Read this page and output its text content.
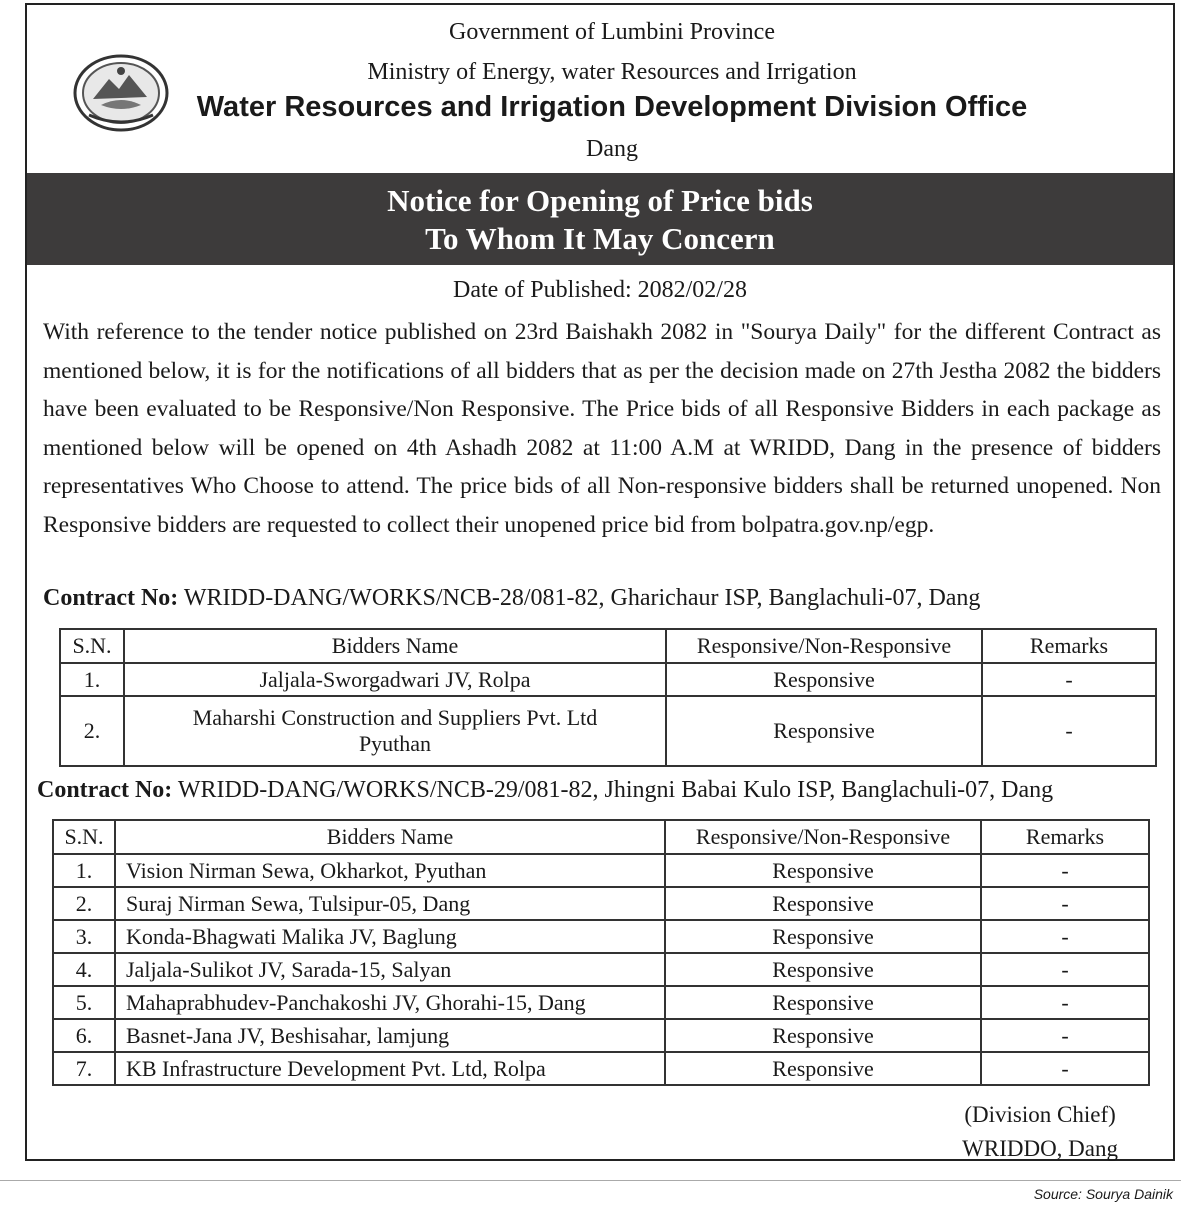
Government of Lumbini Province
Ministry of Energy, water Resources and Irrigation
Water Resources and Irrigation Development Division Office
Dang
Notice for Opening of Price bids
To Whom It May Concern
Date of Published: 2082/02/28

With reference to the tender notice published on 23rd Baishakh 2082 in "Sourya Daily" for the different Contract as mentioned below, it is for the notifications of all bidders that as per the decision made on 27th Jestha 2082 the bidders have been evaluated to be Responsive/Non Responsive. The Price bids of all Responsive Bidders in each package as mentioned below will be opened on 4th Ashadh 2082 at 11:00 A.M at WRIDD, Dang in the presence of bidders representatives Who Choose to attend. The price bids of all Non-responsive bidders shall be returned unopened. Non Responsive bidders are requested to collect their unopened price bid from bolpatra.gov.np/egp.

Contract No: WRIDD-DANG/WORKS/NCB-28/081-82, Gharichaur ISP, Banglachuli-07, Dang
S.N.	Bidders Name	Responsive/Non-Responsive	Remarks
1.	Jaljala-Sworgadwari JV, Rolpa	Responsive	-
2.	Maharshi Construction and Suppliers Pvt. Ltd
Pyuthan	Responsive	-
Contract No: WRIDD-DANG/WORKS/NCB-29/081-82, Jhingni Babai Kulo ISP, Banglachuli-07, Dang
S.N.	Bidders Name	Responsive/Non-Responsive	Remarks
1.	Vision Nirman Sewa, Okharkot, Pyuthan	Responsive	-
2.	Suraj Nirman Sewa, Tulsipur-05, Dang	Responsive	-
3.	Konda-Bhagwati Malika JV, Baglung	Responsive	-
4.	Jaljala-Sulikot JV, Sarada-15, Salyan	Responsive	-
5.	Mahaprabhudev-Panchakoshi JV, Ghorahi-15, Dang	Responsive	-
6.	Basnet-Jana JV, Beshisahar, lamjung	Responsive	-
7.	KB Infrastructure Development Pvt. Ltd, Rolpa	Responsive	-
(Division Chief)
WRIDDO, Dang
Source: Sourya Dainik
